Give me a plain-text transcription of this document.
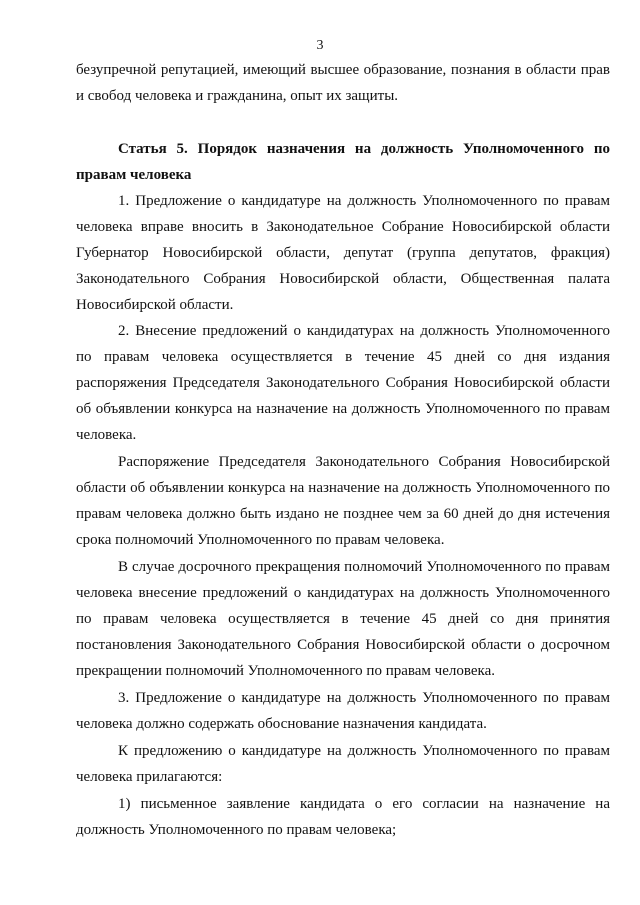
3

безупречной репутацией, имеющий высшее образование, познания в области прав и свобод человека и гражданина, опыт их защиты.

Статья 5. Порядок назначения на должность Уполномоченного по правам человека

1. Предложение о кандидатуре на должность Уполномоченного по правам человека вправе вносить в Законодательное Собрание Новосибирской области Губернатор Новосибирской области, депутат (группа депутатов, фракция) Законодательного Собрания Новосибирской области, Общественная палата Новосибирской области.

2. Внесение предложений о кандидатурах на должность Уполномоченного по правам человека осуществляется в течение 45 дней со дня издания распоряжения Председателя Законодательного Собрания Новосибирской области об объявлении конкурса на назначение на должность Уполномоченного по правам человека.

Распоряжение Председателя Законодательного Собрания Новосибирской области об объявлении конкурса на назначение на должность Уполномоченного по правам человека должно быть издано не позднее чем за 60 дней до дня истечения срока полномочий Уполномоченного по правам человека.

В случае досрочного прекращения полномочий Уполномоченного по правам человека внесение предложений о кандидатурах на должность Уполномоченного по правам человека осуществляется в течение 45 дней со дня принятия постановления Законодательного Собрания Новосибирской области о досрочном прекращении полномочий Уполномоченного по правам человека.

3. Предложение о кандидатуре на должность Уполномоченного по правам человека должно содержать обоснование назначения кандидата.

К предложению о кандидатуре на должность Уполномоченного по правам человека прилагаются:

1) письменное заявление кандидата о его согласии на назначение на должность Уполномоченного по правам человека;
